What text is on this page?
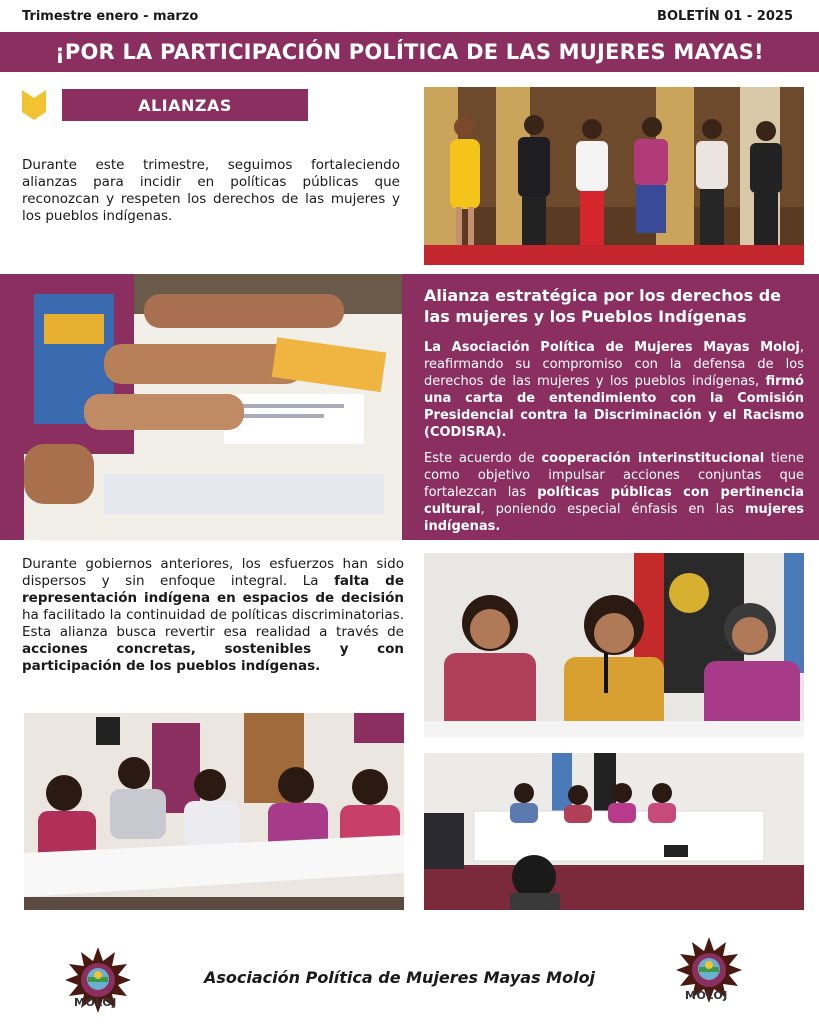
Trimestre enero - marzo	BOLETÍN 01 - 2025
¡POR LA PARTICIPACIÓN POLÍTICA DE LAS MUJERES MAYAS!
ALIANZAS
Durante este trimestre, seguimos fortaleciendo alianzas para incidir en políticas públicas que reconozcan y respeten los derechos de las mujeres y los pueblos indígenas.
Alianza estratégica por los derechos de las mujeres y los Pueblos Indígenas

La Asociación Política de Mujeres Mayas Moloj, reafirmando su compromiso con la defensa de los derechos de las mujeres y los pueblos indígenas, firmó una carta de entendimiento con la Comisión Presidencial contra la Discriminación y el Racismo (CODISRA).

Este acuerdo de cooperación interinstitucional tiene como objetivo impulsar acciones conjuntas que fortalezcan las políticas públicas con pertinencia cultural, poniendo especial énfasis en las mujeres indígenas.

Durante gobiernos anteriores, los esfuerzos han sido dispersos y sin enfoque integral. La falta de representación indígena en espacios de decisión ha facilitado la continuidad de políticas discriminatorias. Esta alianza busca revertir esa realidad a través de acciones concretas, sostenibles y con participación de los pueblos indígenas.

MOLOJ
Asociación Política de Mujeres Mayas Moloj
MOLOJ
